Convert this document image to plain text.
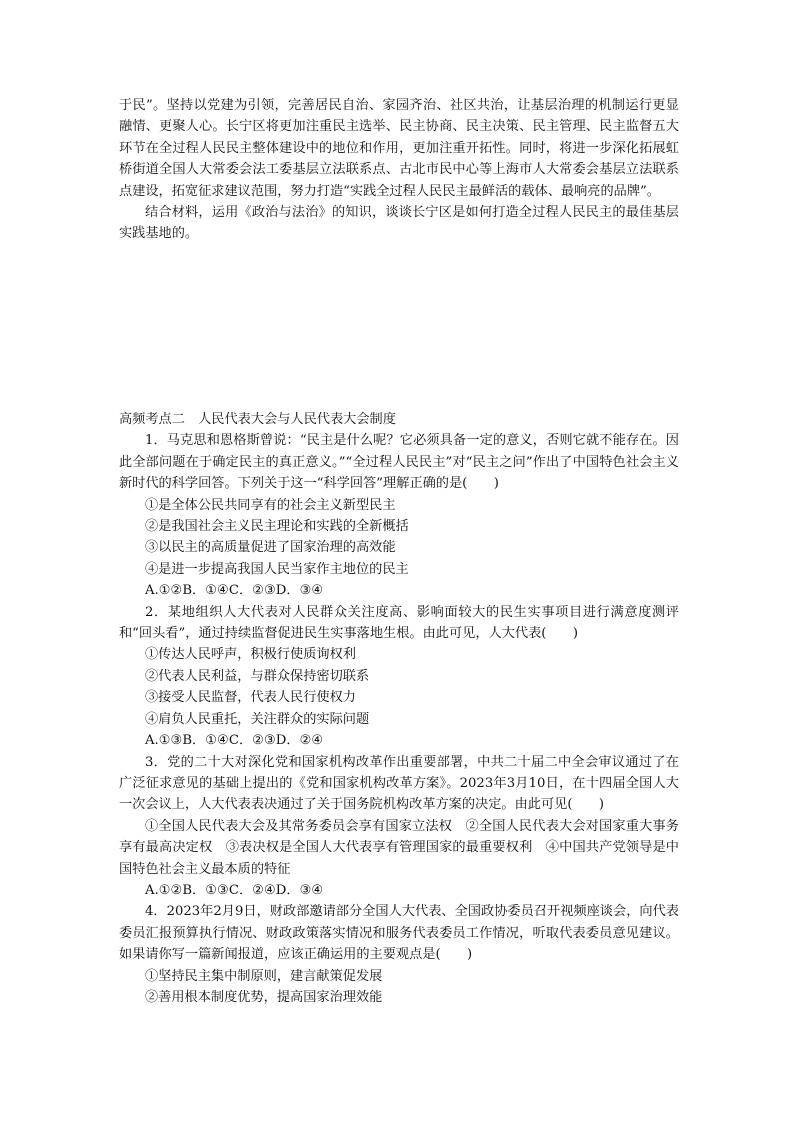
于民”。坚持以党建为引领，完善居民自治、家园齐治、社区共治，让基层治理的机制运行更显融情、更聚人心。长宁区将更加注重民主选举、民主协商、民主决策、民主管理、民主监督五大环节在全过程人民民主整体建设中的地位和作用，更加注重开拓性。同时，将进一步深化拓展虹桥街道全国人大常委会法工委基层立法联系点、古北市民中心等上海市人大常委会基层立法联系点建设，拓宽征求建议范围，努力打造“实践全过程人民民主最鲜活的载体、最响亮的品牌”。

结合材料，运用《政治与法治》的知识，谈谈长宁区是如何打造全过程人民民主的最佳基层实践基地的。

高频考点二　人民代表大会与人民代表大会制度

1．马克思和恩格斯曾说：“民主是什么呢？它必须具备一定的意义，否则它就不能存在。因此全部问题在于确定民主的真正意义。”“全过程人民民主”对“民主之问”作出了中国特色社会主义新时代的科学回答。下列关于这一“科学回答”理解正确的是(　　)

①是全体公民共同享有的社会主义新型民主

②是我国社会主义民主理论和实践的全新概括

③以民主的高质量促进了国家治理的高效能

④是进一步提高我国人民当家作主地位的民主

A.①②B．①④C．②③D．③④

2．某地组织人大代表对人民群众关注度高、影响面较大的民生实事项目进行满意度测评和“回头看”，通过持续监督促进民生实事落地生根。由此可见，人大代表(　　)

①传达人民呼声，积极行使质询权利

②代表人民利益，与群众保持密切联系

③接受人民监督，代表人民行使权力

④肩负人民重托，关注群众的实际问题

A.①③B．①④C．②③D．②④

3．党的二十大对深化党和国家机构改革作出重要部署，中共二十届二中全会审议通过了在广泛征求意见的基础上提出的《党和国家机构改革方案》。2023年3月10日，在十四届全国人大一次会议上，人大代表表决通过了关于国务院机构改革方案的决定。由此可见(　　)

①全国人民代表大会及其常务委员会享有国家立法权　②全国人民代表大会对国家重大事务享有最高决定权　③表决权是全国人大代表享有管理国家的最重要权利　④中国共产党领导是中国特色社会主义最本质的特征

A.①②B．①③C．②④D．③④

4．2023年2月9日，财政部邀请部分全国人大代表、全国政协委员召开视频座谈会，向代表委员汇报预算执行情况、财政政策落实情况和服务代表委员工作情况，听取代表委员意见建议。如果请你写一篇新闻报道，应该正确运用的主要观点是(　　)

①坚持民主集中制原则，建言献策促发展

②善用根本制度优势，提高国家治理效能
